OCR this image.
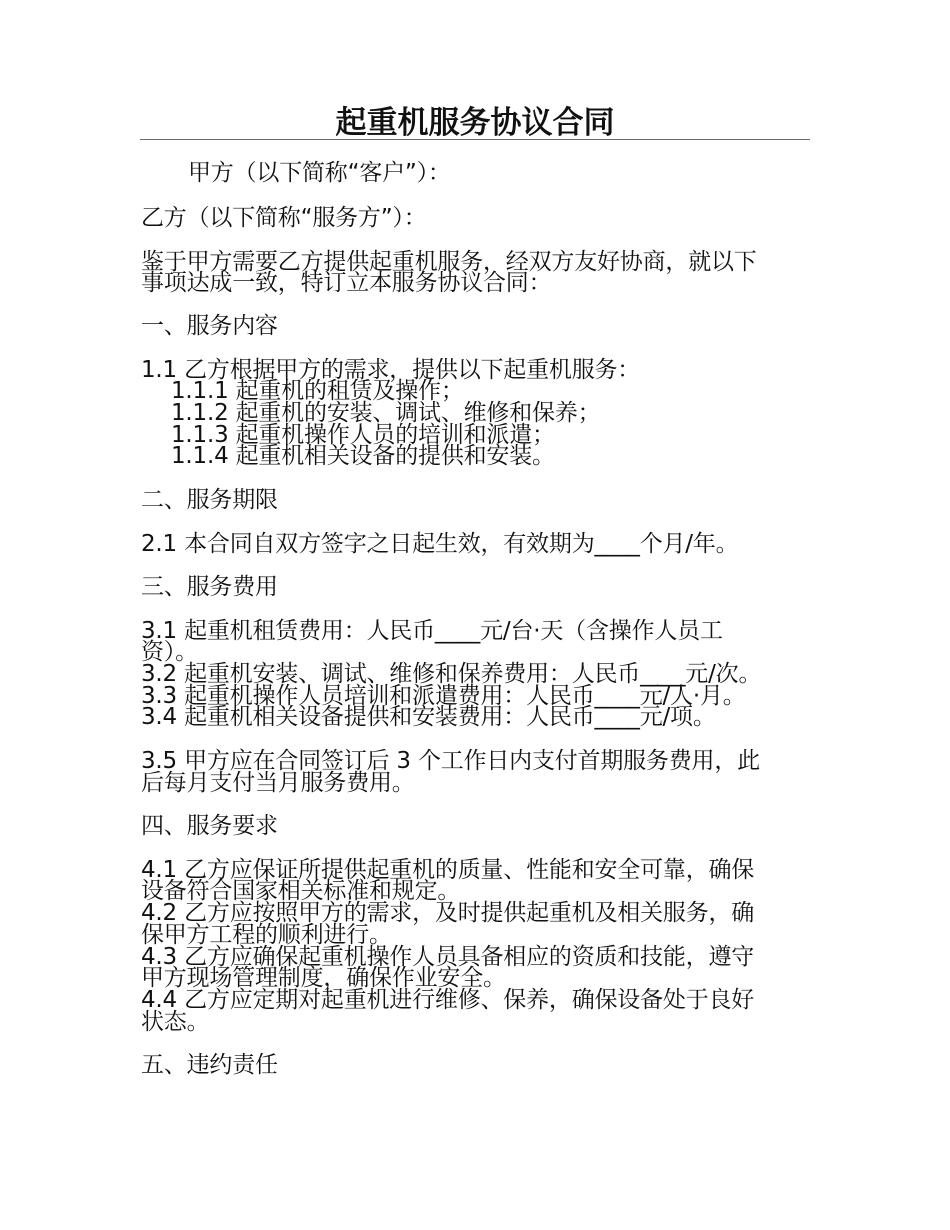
起重机服务协议合同
甲方（以下简称“客户”）：
乙方（以下简称“服务方”）：
鉴于甲方需要乙方提供起重机服务，经双方友好协商，就以下
事项达成一致，特订立本服务协议合同：
一、服务内容
1.1 乙方根据甲方的需求，提供以下起重机服务：
1.1.1 起重机的租赁及操作；
1.1.2 起重机的安装、调试、维修和保养；
1.1.3 起重机操作人员的培训和派遣；
1.1.4 起重机相关设备的提供和安装。
二、服务期限
2.1 本合同自双方签字之日起生效，有效期为____个月/年。
三、服务费用
3.1 起重机租赁费用：人民币____元/台·天（含操作人员工
资）。
3.2 起重机安装、调试、维修和保养费用：人民币____元/次。
3.3 起重机操作人员培训和派遣费用：人民币____元/人·月。
3.4 起重机相关设备提供和安装费用：人民币____元/项。
3.5 甲方应在合同签订后 3 个工作日内支付首期服务费用，此
后每月支付当月服务费用。
四、服务要求
4.1 乙方应保证所提供起重机的质量、性能和安全可靠，确保
设备符合国家相关标准和规定。
4.2 乙方应按照甲方的需求，及时提供起重机及相关服务，确
保甲方工程的顺利进行。
4.3 乙方应确保起重机操作人员具备相应的资质和技能，遵守
甲方现场管理制度，确保作业安全。
4.4 乙方应定期对起重机进行维修、保养，确保设备处于良好
状态。
五、违约责任
